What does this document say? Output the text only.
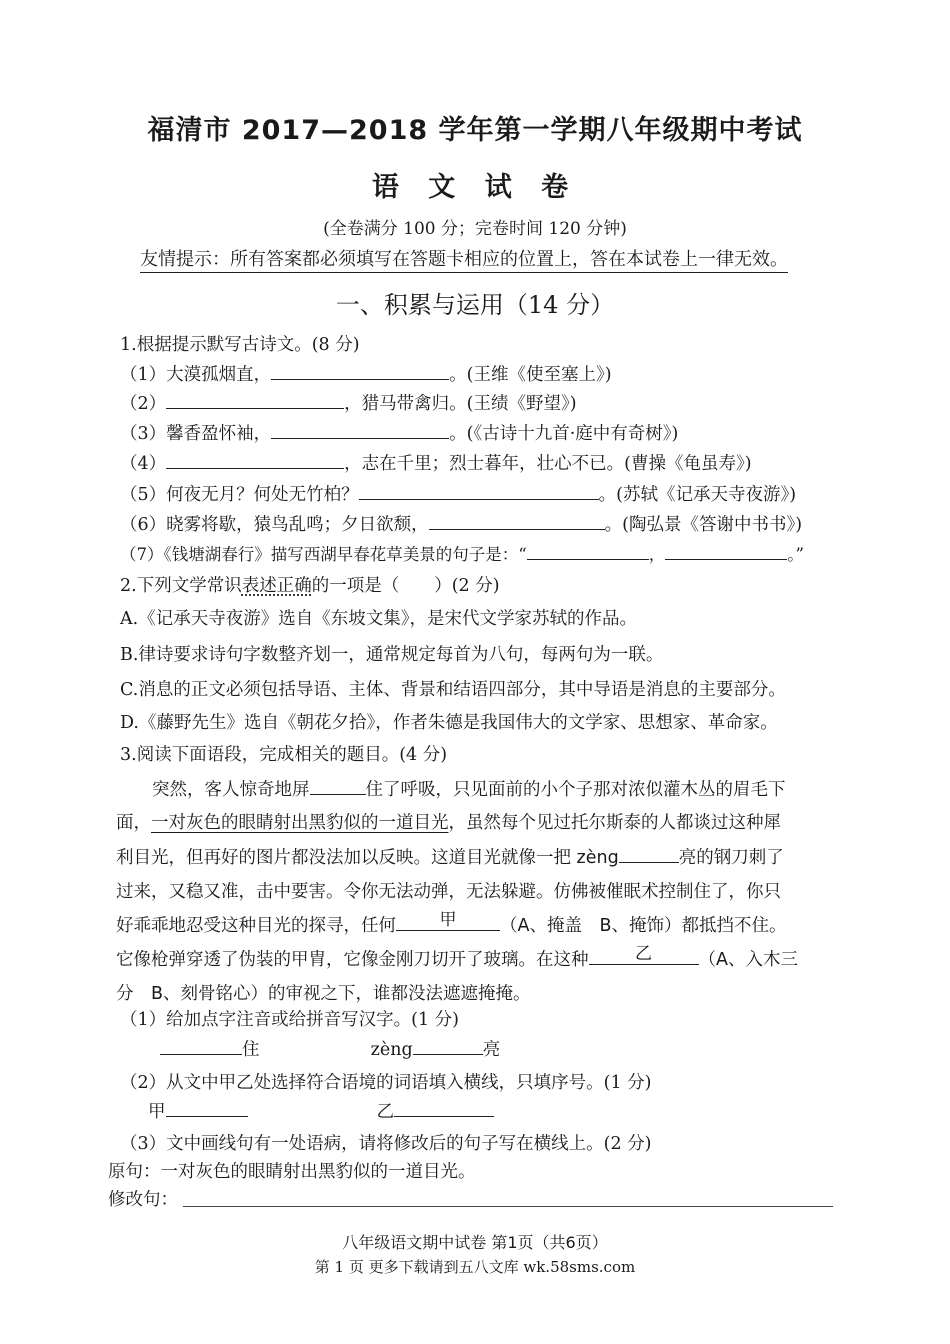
福清市 2017—2018 学年第一学期八年级期中考试
语 文 试 卷
(全卷满分 100 分；完卷时间 120 分钟)
友情提示：所有答案都必须填写在答题卡相应的位置上，答在本试卷上一律无效。
一、积累与运用（14 分）
1.根据提示默写古诗文。(8 分)
（1）大漠孤烟直，	。(王维《使至塞上》)
（2）	，猎马带禽归。(王绩《野望》)
（3）馨香盈怀袖，	。(《古诗十九首·庭中有奇树》)
（4）	，志在千里；烈士暮年，壮心不已。(曹操《龟虽寿》)
（5）何夜无月？何处无竹柏？	。(苏轼《记承天寺夜游》)
（6）晓雾将歇，猿鸟乱鸣；夕日欲颓，	。(陶弘景《答谢中书书》)
（7）《钱塘湖春行》描写西湖早春花草美景的句子是：“	，	。”
2.下列文学常识表述正确的一项是（　　）(2 分)
A.《记承天寺夜游》选自《东坡文集》，是宋代文学家苏轼的作品。
B.律诗要求诗句字数整齐划一，通常规定每首为八句，每两句为一联。
C.消息的正文必须包括导语、主体、背景和结语四部分，其中导语是消息的主要部分。
D.《藤野先生》选自《朝花夕拾》，作者朱德是我国伟大的文学家、思想家、革命家。
3.阅读下面语段，完成相关的题目。(4 分)
突然，客人惊奇地屏	住了呼吸，只见面前的小个子那对浓似灌木丛的眉毛下
面，一对灰色的眼睛射出黑豹似的一道目光，虽然每个见过托尔斯泰的人都谈过这种犀
利目光，但再好的图片都没法加以反映。这道目光就像一把 zèng	亮的钢刀刺了
过来，又稳又准，击中要害。令你无法动弹，无法躲避。仿佛被催眠术控制住了，你只
好乖乖地忍受这种目光的探寻，任何	甲	（A、掩盖　B、掩饰）都抵挡不住。
它像枪弹穿透了伪装的甲胄，它像金刚刀切开了玻璃。在这种	乙	（A、入木三
分　B、刻骨铭心）的审视之下，谁都没法遮遮掩掩。
（1）给加点字注音或给拼音写汉字。(1 分)
住	zèng	亮
（2）从文中甲乙处选择符合语境的词语填入横线，只填序号。(1 分)
甲	乙
（3）文中画线句有一处语病，请将修改后的句子写在横线上。(2 分)
原句：一对灰色的眼睛射出黑豹似的一道目光。
修改句：
八年级语文期中试卷 第1页（共6页）
第 1 页 更多下载请到五八文库 wk.58sms.com
